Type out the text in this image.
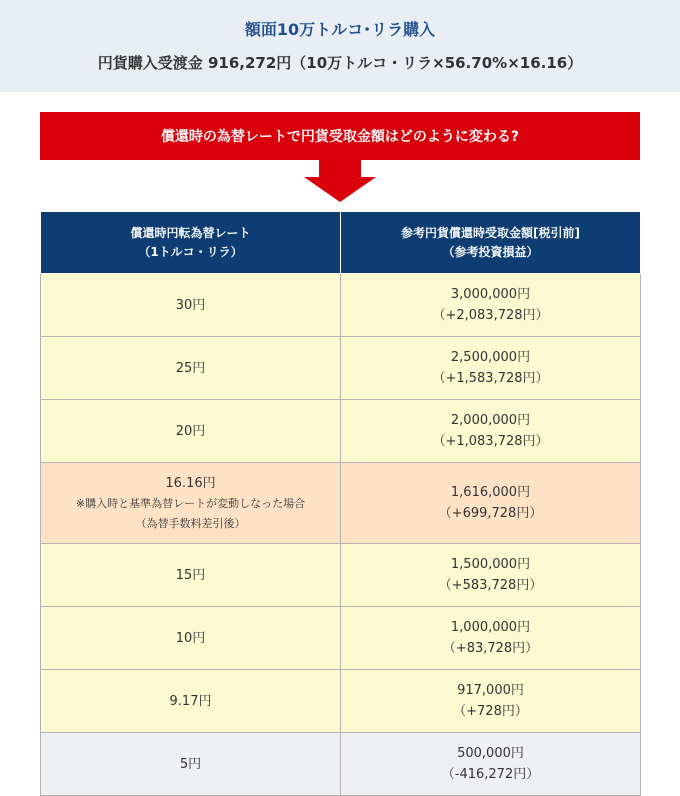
額面10万トルコ･リラ購入
円貨購入受渡金 916,272円（10万トルコ・リラ×56.70%×16.16）
償還時の為替レートで円貨受取金額はどのように変わる?
償還時円転為替レート
（1トルコ・リラ）	参考円貨償還時受取金額[税引前]
（参考投資損益）

30円	3,000,000円
（+2,083,728円）

25円	2,500,000円
（+1,583,728円）

20円	2,000,000円
（+1,083,728円）

16.16円
※購入時と基準為替レートが変動しなった場合
（為替手数料差引後）	1,616,000円
（+699,728円）

15円	1,500,000円
（+583,728円）

10円	1,000,000円
（+83,728円）

9.17円	917,000円
（+728円）

5円	500,000円
（-416,272円）
